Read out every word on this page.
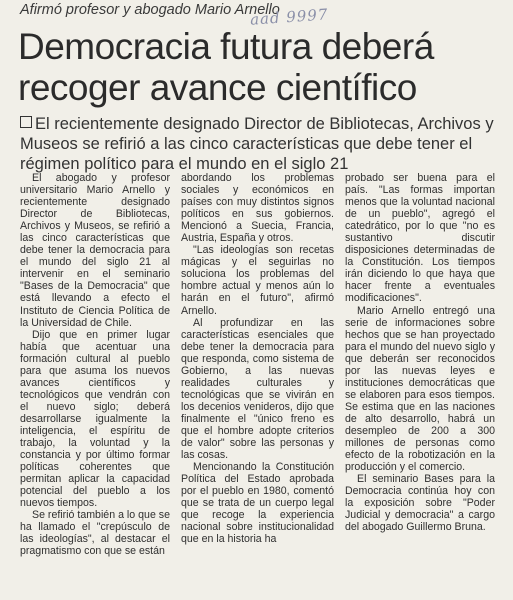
Afirmó profesor y abogado Mario Arnello
aad 9997
Democracia futura deberá
recoger avance científico
El recientemente designado Director de Bibliotecas, Archivos y Museos se refirió a las cinco características que debe tener el régimen político para el mundo en el siglo 21

El abogado y profesor universitario Mario Arnello y recientemente designado Director de Bibliotecas, Archivos y Museos, se refirió a las cinco características que debe tener la democracia para el mundo del siglo 21 al intervenir en el seminario "Bases de la Democracia" que está llevando a efecto el Instituto de Ciencia Política de la Universidad de Chile.

Dijo que en primer lugar había que acentuar una formación cultural al pueblo para que asuma los nuevos avances científicos y tecnológicos que vendrán con el nuevo siglo; deberá desarrollarse igualmente la inteligencia, el espíritu de trabajo, la voluntad y la constancia y por último formar políticas coherentes que permitan aplicar la capacidad potencial del pueblo a los nuevos tiempos.

Se refirió también a lo que se ha llamado el "crepúsculo de las ideologías", al destacar el pragmatismo con que se están

abordando los problemas sociales y económicos en países con muy distintos signos políticos en sus gobiernos. Mencionó a Suecia, Francia, Austria, España y otros.

"Las ideologías son recetas mágicas y el seguirlas no soluciona los problemas del hombre actual y menos aún lo harán en el futuro", afirmó Arnello.

Al profundizar en las características esenciales que debe tener la democracia para que responda, como sistema de Gobierno, a las nuevas realidades culturales y tecnológicas que se vivirán en los decenios venideros, dijo que finalmente el "único freno es que el hombre adopte criterios de valor" sobre las personas y las cosas.

Mencionando la Constitución Política del Estado aprobada por el pueblo en 1980, comentó que se trata de un cuerpo legal que recoge la experiencia nacional sobre institucionalidad que en la historia ha

probado ser buena para el país. "Las formas importan menos que la voluntad nacional de un pueblo", agregó el catedrático, por lo que "no es sustantivo discutir disposiciones determinadas de la Constitución. Los tiempos irán diciendo lo que haya que hacer frente a eventuales modificaciones".

Mario Arnello entregó una serie de informaciones sobre hechos que se han proyectado para el mundo del nuevo siglo y que deberán ser reconocidos por las nuevas leyes e instituciones democráticas que se elaboren para esos tiempos. Se estima que en las naciones de alto desarrollo, habrá un desempleo de 200 a 300 millones de personas como efecto de la robotización en la producción y el comercio.

El seminario Bases para la Democracia continúa hoy con la exposición sobre "Poder Judicial y democracia" a cargo del abogado Guillermo Bruna.
